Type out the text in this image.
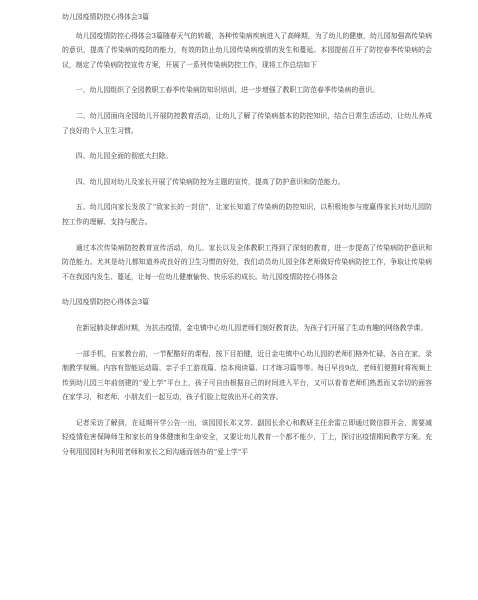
幼儿园疫情防控心得体会3篇
幼儿园疫情防控心得体会3篇随春天气的转暖，各种传染病疾病进入了高峰期，为了幼儿的健康，幼儿园加强高传染病的意识，提高了传染病的疫防的能力，有效的防止幼儿园传染病疫情的发生和蔓延。本园提前召开了防控春季传染病的会议，制定了传染病防控宣传方案，开展了一系列传染病防控工作，现将工作总结如下
一、幼儿园组织了全园教职工春季传染病防知识培训，进一步增强了教职工防范春季传染病的意识。
二、幼儿园面向全园幼儿开展防控教育活动，让幼儿了解了传染病基本的防控知识，结合日常生活活动，让幼儿养成了良好的个人卫生习惯。
四、幼儿园全面的彻底大扫除。
四、幼儿园对幼儿及家长开展了传染病防控为主题的宣传，提高了防护意识和防范能力。
五、幼儿园向家长发放了“致家长的一封信”，让家长知道了传染病的防控知识，以积极地参与度赢得家长对幼儿园防控工作的理解、支持与配合。
通过本次传染病防控教育宣传活动，幼儿、家长以及全体教职工得到了深刻的教育，进一步提高了传染病防护意识和防范能力。尤其是幼儿都知道养成良好的卫生习惯的好处，我们动员幼儿园全体老师做好传染病防控工作，争取让传染病不在我园内发生、蔓延，让每一位幼儿健康愉快、快乐乐的成长。幼儿园疫情防控心得体会
幼儿园疫情防控心得体会3篇
在新冠肺炎肆虐时期，为抗击疫情，金屯镇中心幼儿园老师们刻好教育法，为孩子们开展了生动有趣的网络教学课。
一部手机，自家教台前，一节配酷好的课程，按下目拍键，近日金屯镇中心幼儿园的老师们格外忙碌，各自在家，录制教学视频。内容有智能运动篇、亲子手工游戏篇、绘本阅读篇、口才练习篇等等。每日早良9点，老师们便推时将视频上传到幼儿园三年前创建的“爱上学”平台上，孩子可自由根据自己的时间进入平台，又可以看看老师们熟悉而又亲切的面容在家学习，和老师、小朋友们一起互动，孩子们脸上绽放出开心的笑容。
记者采访了解到，在延期开学公告一出，该园园长邓文芳、副园长余心和教研主任余雷立即通过微信群开会，需要减轻疫情危害保障师生和家长的身体健康和生命安全，又要让幼儿教育一个都不能少，丁上，探讨出疫情期间教学方案。充分利用园园时为利用老师和家长之间沟通而创办的“爱上学”平
